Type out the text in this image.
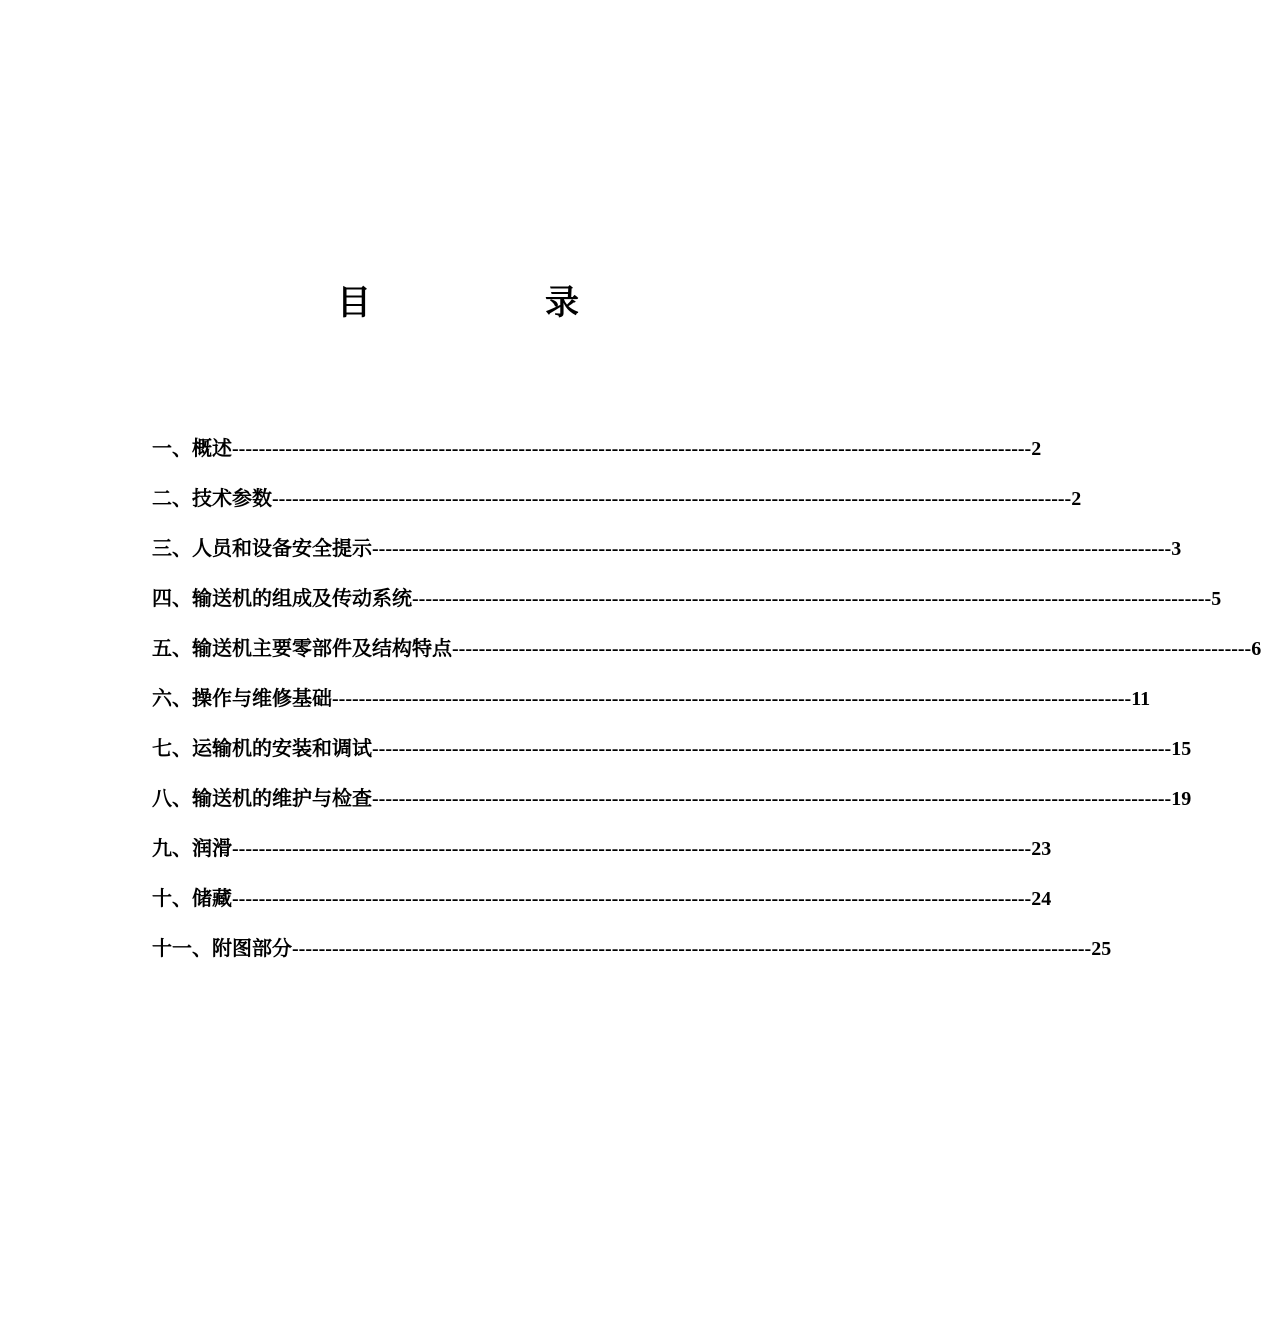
目	录
一、概述 ------------------------------------------------------------------------------------------------------------------------ 2
二、技术参数 ------------------------------------------------------------------------------------------------------------------------ 2
三、人员和设备安全提示 ------------------------------------------------------------------------------------------------------------------------ 3
四、输送机的组成及传动系统 ------------------------------------------------------------------------------------------------------------------------ 5
五、输送机主要零部件及结构特点 ------------------------------------------------------------------------------------------------------------------------ 6
六、操作与维修基础 ------------------------------------------------------------------------------------------------------------------------ 11
七、运输机的安装和调试 ------------------------------------------------------------------------------------------------------------------------ 15
八、输送机的维护与检查 ------------------------------------------------------------------------------------------------------------------------ 19
九、润滑 ------------------------------------------------------------------------------------------------------------------------ 23
十、储藏 ------------------------------------------------------------------------------------------------------------------------ 24
十一、附图部分 ------------------------------------------------------------------------------------------------------------------------ 25
